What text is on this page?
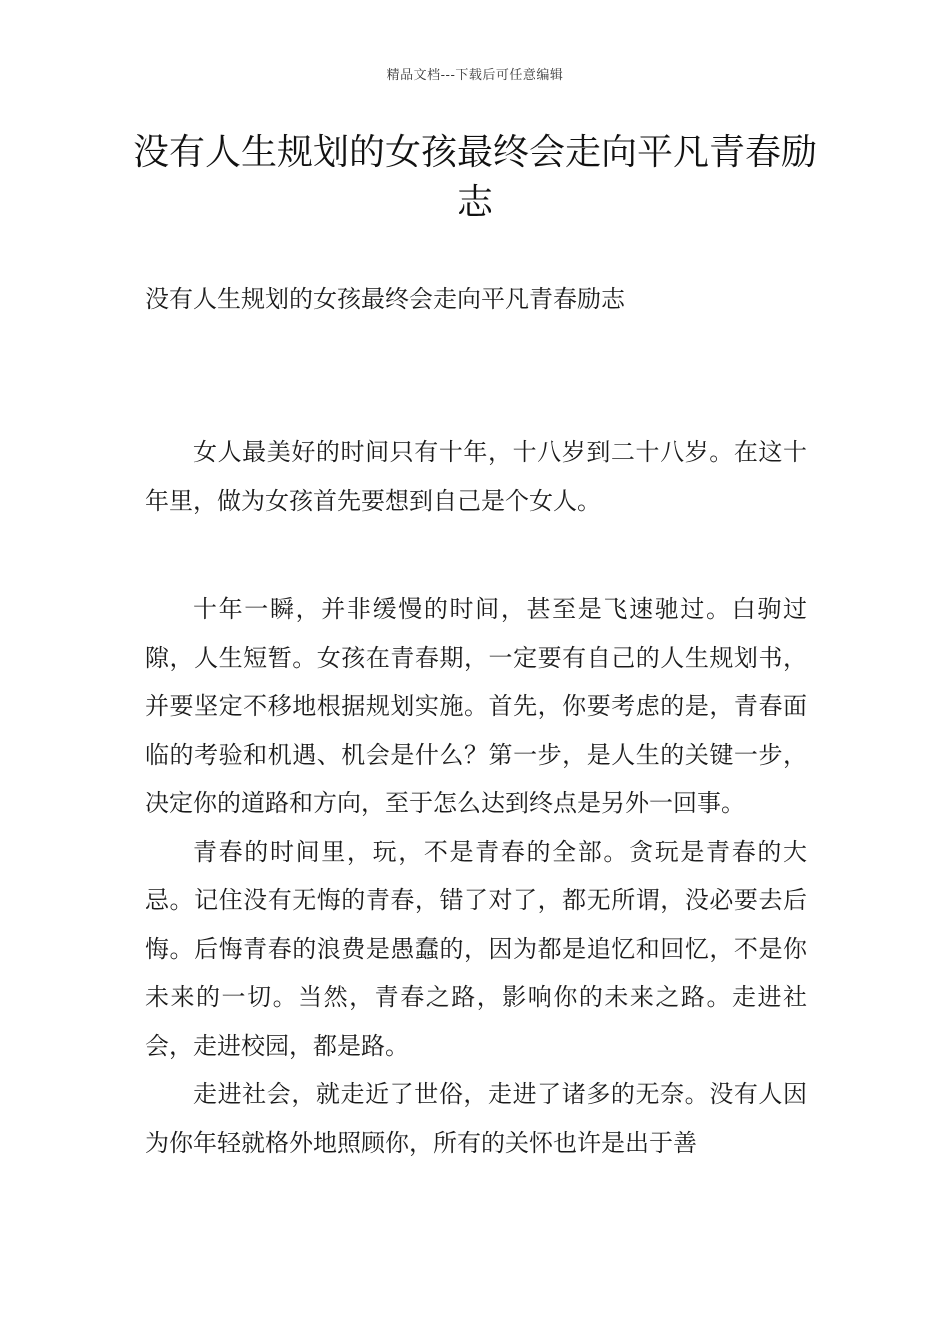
精品文档---下载后可任意编辑
没有人生规划的女孩最终会走向平凡青春励志
没有人生规划的女孩最终会走向平凡青春励志

女人最美好的时间只有十年，十八岁到二十八岁。在这十年里，做为女孩首先要想到自己是个女人。

十年一瞬，并非缓慢的时间，甚至是飞速驰过。白驹过隙，人生短暂。女孩在青春期，一定要有自己的人生规划书，并要坚定不移地根据规划实施。首先，你要考虑的是，青春面临的考验和机遇、机会是什么？第一步，是人生的关键一步，决定你的道路和方向，至于怎么达到终点是另外一回事。

青春的时间里，玩，不是青春的全部。贪玩是青春的大忌。记住没有无悔的青春，错了对了，都无所谓，没必要去后悔。后悔青春的浪费是愚蠢的，因为都是追忆和回忆，不是你未来的一切。当然，青春之路，影响你的未来之路。走进社会，走进校园，都是路。

走进社会，就走近了世俗，走进了诸多的无奈。没有人因为你年轻就格外地照顾你，所有的关怀也许是出于善
